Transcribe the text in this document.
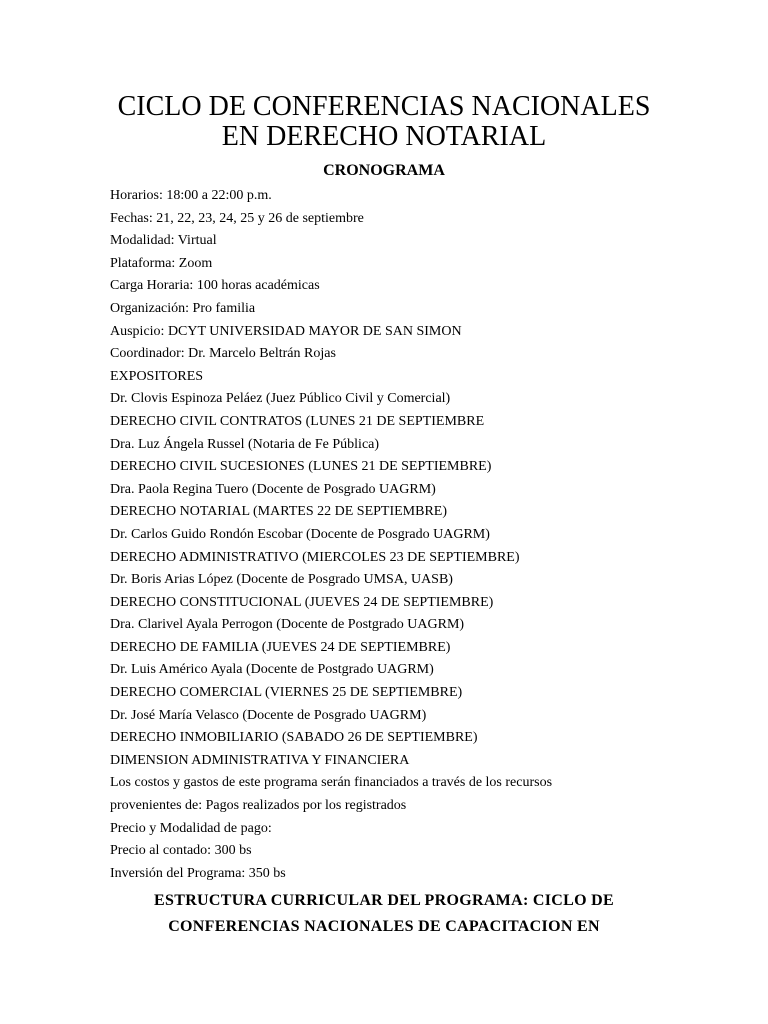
CICLO DE CONFERENCIAS NACIONALES
EN DERECHO NOTARIAL
CRONOGRAMA
Horarios: 18:00 a 22:00 p.m.
Fechas: 21, 22, 23, 24, 25 y 26 de septiembre
Modalidad: Virtual
Plataforma: Zoom
Carga Horaria: 100 horas académicas
Organización: Pro familia
Auspicio: DCYT UNIVERSIDAD MAYOR DE SAN SIMON
Coordinador: Dr. Marcelo Beltrán Rojas
EXPOSITORES
Dr. Clovis Espinoza Peláez (Juez Público Civil y Comercial)
DERECHO CIVIL CONTRATOS (LUNES 21 DE SEPTIEMBRE
Dra. Luz Ángela Russel (Notaria de Fe Pública)
DERECHO CIVIL SUCESIONES (LUNES 21 DE SEPTIEMBRE)
Dra. Paola Regina Tuero (Docente de Posgrado UAGRM)
DERECHO NOTARIAL (MARTES 22 DE SEPTIEMBRE)
Dr. Carlos Guido Rondón Escobar (Docente de Posgrado UAGRM)
DERECHO ADMINISTRATIVO (MIERCOLES 23 DE SEPTIEMBRE)
Dr. Boris Arias López (Docente de Posgrado UMSA, UASB)
DERECHO CONSTITUCIONAL (JUEVES 24 DE SEPTIEMBRE)
Dra. Clarivel Ayala Perrogon (Docente de Postgrado UAGRM)
DERECHO DE FAMILIA (JUEVES 24 DE SEPTIEMBRE)
Dr. Luis Américo Ayala (Docente de Postgrado UAGRM)
DERECHO COMERCIAL (VIERNES 25 DE SEPTIEMBRE)
Dr. José María Velasco (Docente de Posgrado UAGRM)
DERECHO INMOBILIARIO (SABADO 26 DE SEPTIEMBRE)
DIMENSION ADMINISTRATIVA Y FINANCIERA
Los costos y gastos de este programa serán financiados a través de los recursos
provenientes de: Pagos realizados por los registrados
Precio y Modalidad de pago:
Precio al contado: 300 bs
Inversión del Programa: 350 bs
ESTRUCTURA CURRICULAR DEL PROGRAMA: CICLO DE
CONFERENCIAS NACIONALES DE CAPACITACION EN
